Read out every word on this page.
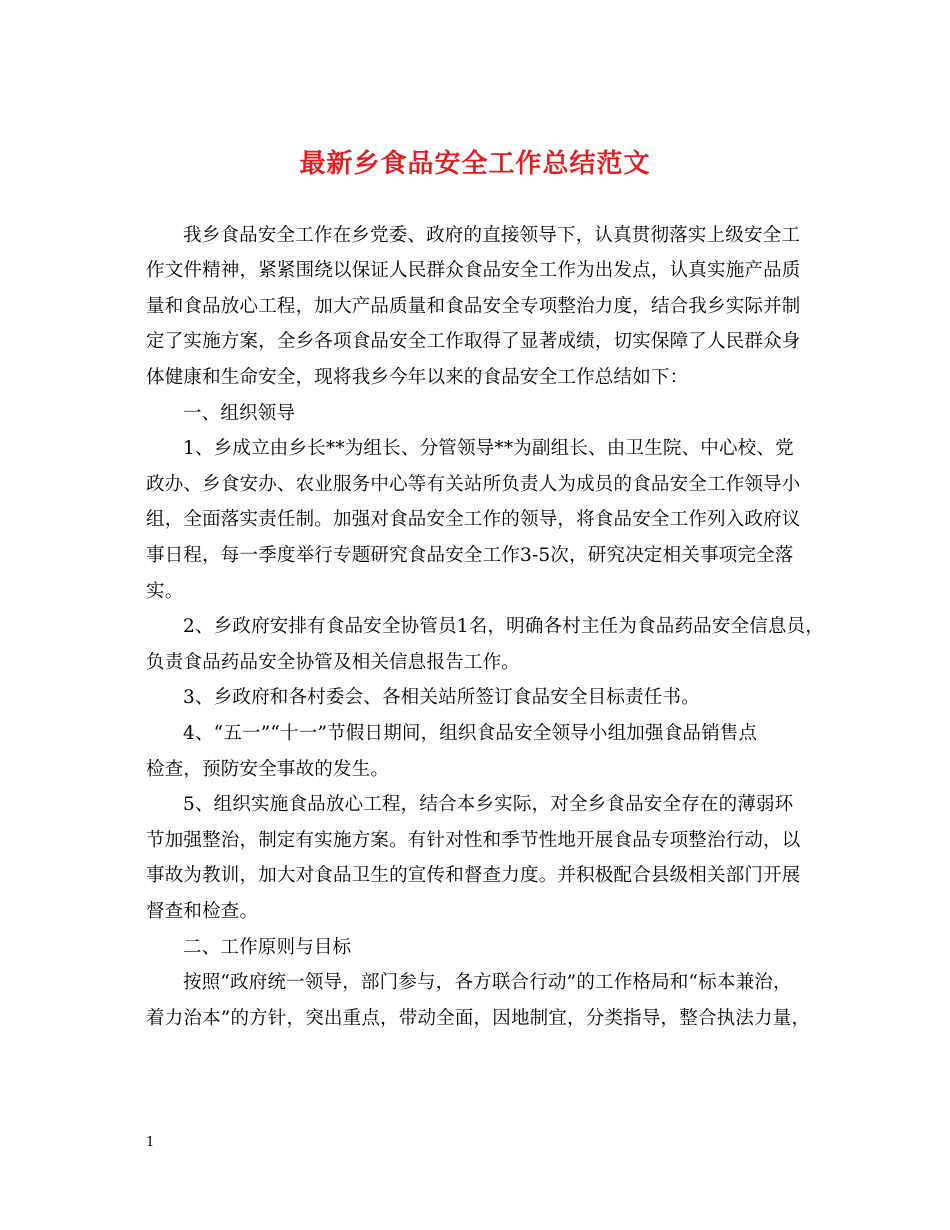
最新乡食品安全工作总结范文
我乡食品安全工作在乡党委、政府的直接领导下，认真贯彻落实上级安全工
作文件精神，紧紧围绕以保证人民群众食品安全工作为出发点，认真实施产品质
量和食品放心工程，加大产品质量和食品安全专项整治力度，结合我乡实际并制
定了实施方案，全乡各项食品安全工作取得了显著成绩，切实保障了人民群众身
体健康和生命安全，现将我乡今年以来的食品安全工作总结如下：
一、组织领导
1、乡成立由乡长**为组长、分管领导**为副组长、由卫生院、中心校、党
政办、乡食安办、农业服务中心等有关站所负责人为成员的食品安全工作领导小
组，全面落实责任制。加强对食品安全工作的领导，将食品安全工作列入政府议
事日程，每一季度举行专题研究食品安全工作3-5次，研究决定相关事项完全落
实。
2、乡政府安排有食品安全协管员1名，明确各村主任为食品药品安全信息员，
负责食品药品安全协管及相关信息报告工作。
3、乡政府和各村委会、各相关站所签订食品安全目标责任书。
4、“五一”“十一”节假日期间，组织食品安全领导小组加强食品销售点
检查，预防安全事故的发生。
5、组织实施食品放心工程，结合本乡实际，对全乡食品安全存在的薄弱环
节加强整治，制定有实施方案。有针对性和季节性地开展食品专项整治行动，以
事故为教训，加大对食品卫生的宣传和督查力度。并积极配合县级相关部门开展
督查和检查。
二、工作原则与目标
按照“政府统一领导，部门参与，各方联合行动”的工作格局和“标本兼治，
着力治本”的方针，突出重点，带动全面，因地制宜，分类指导，整合执法力量，
1
